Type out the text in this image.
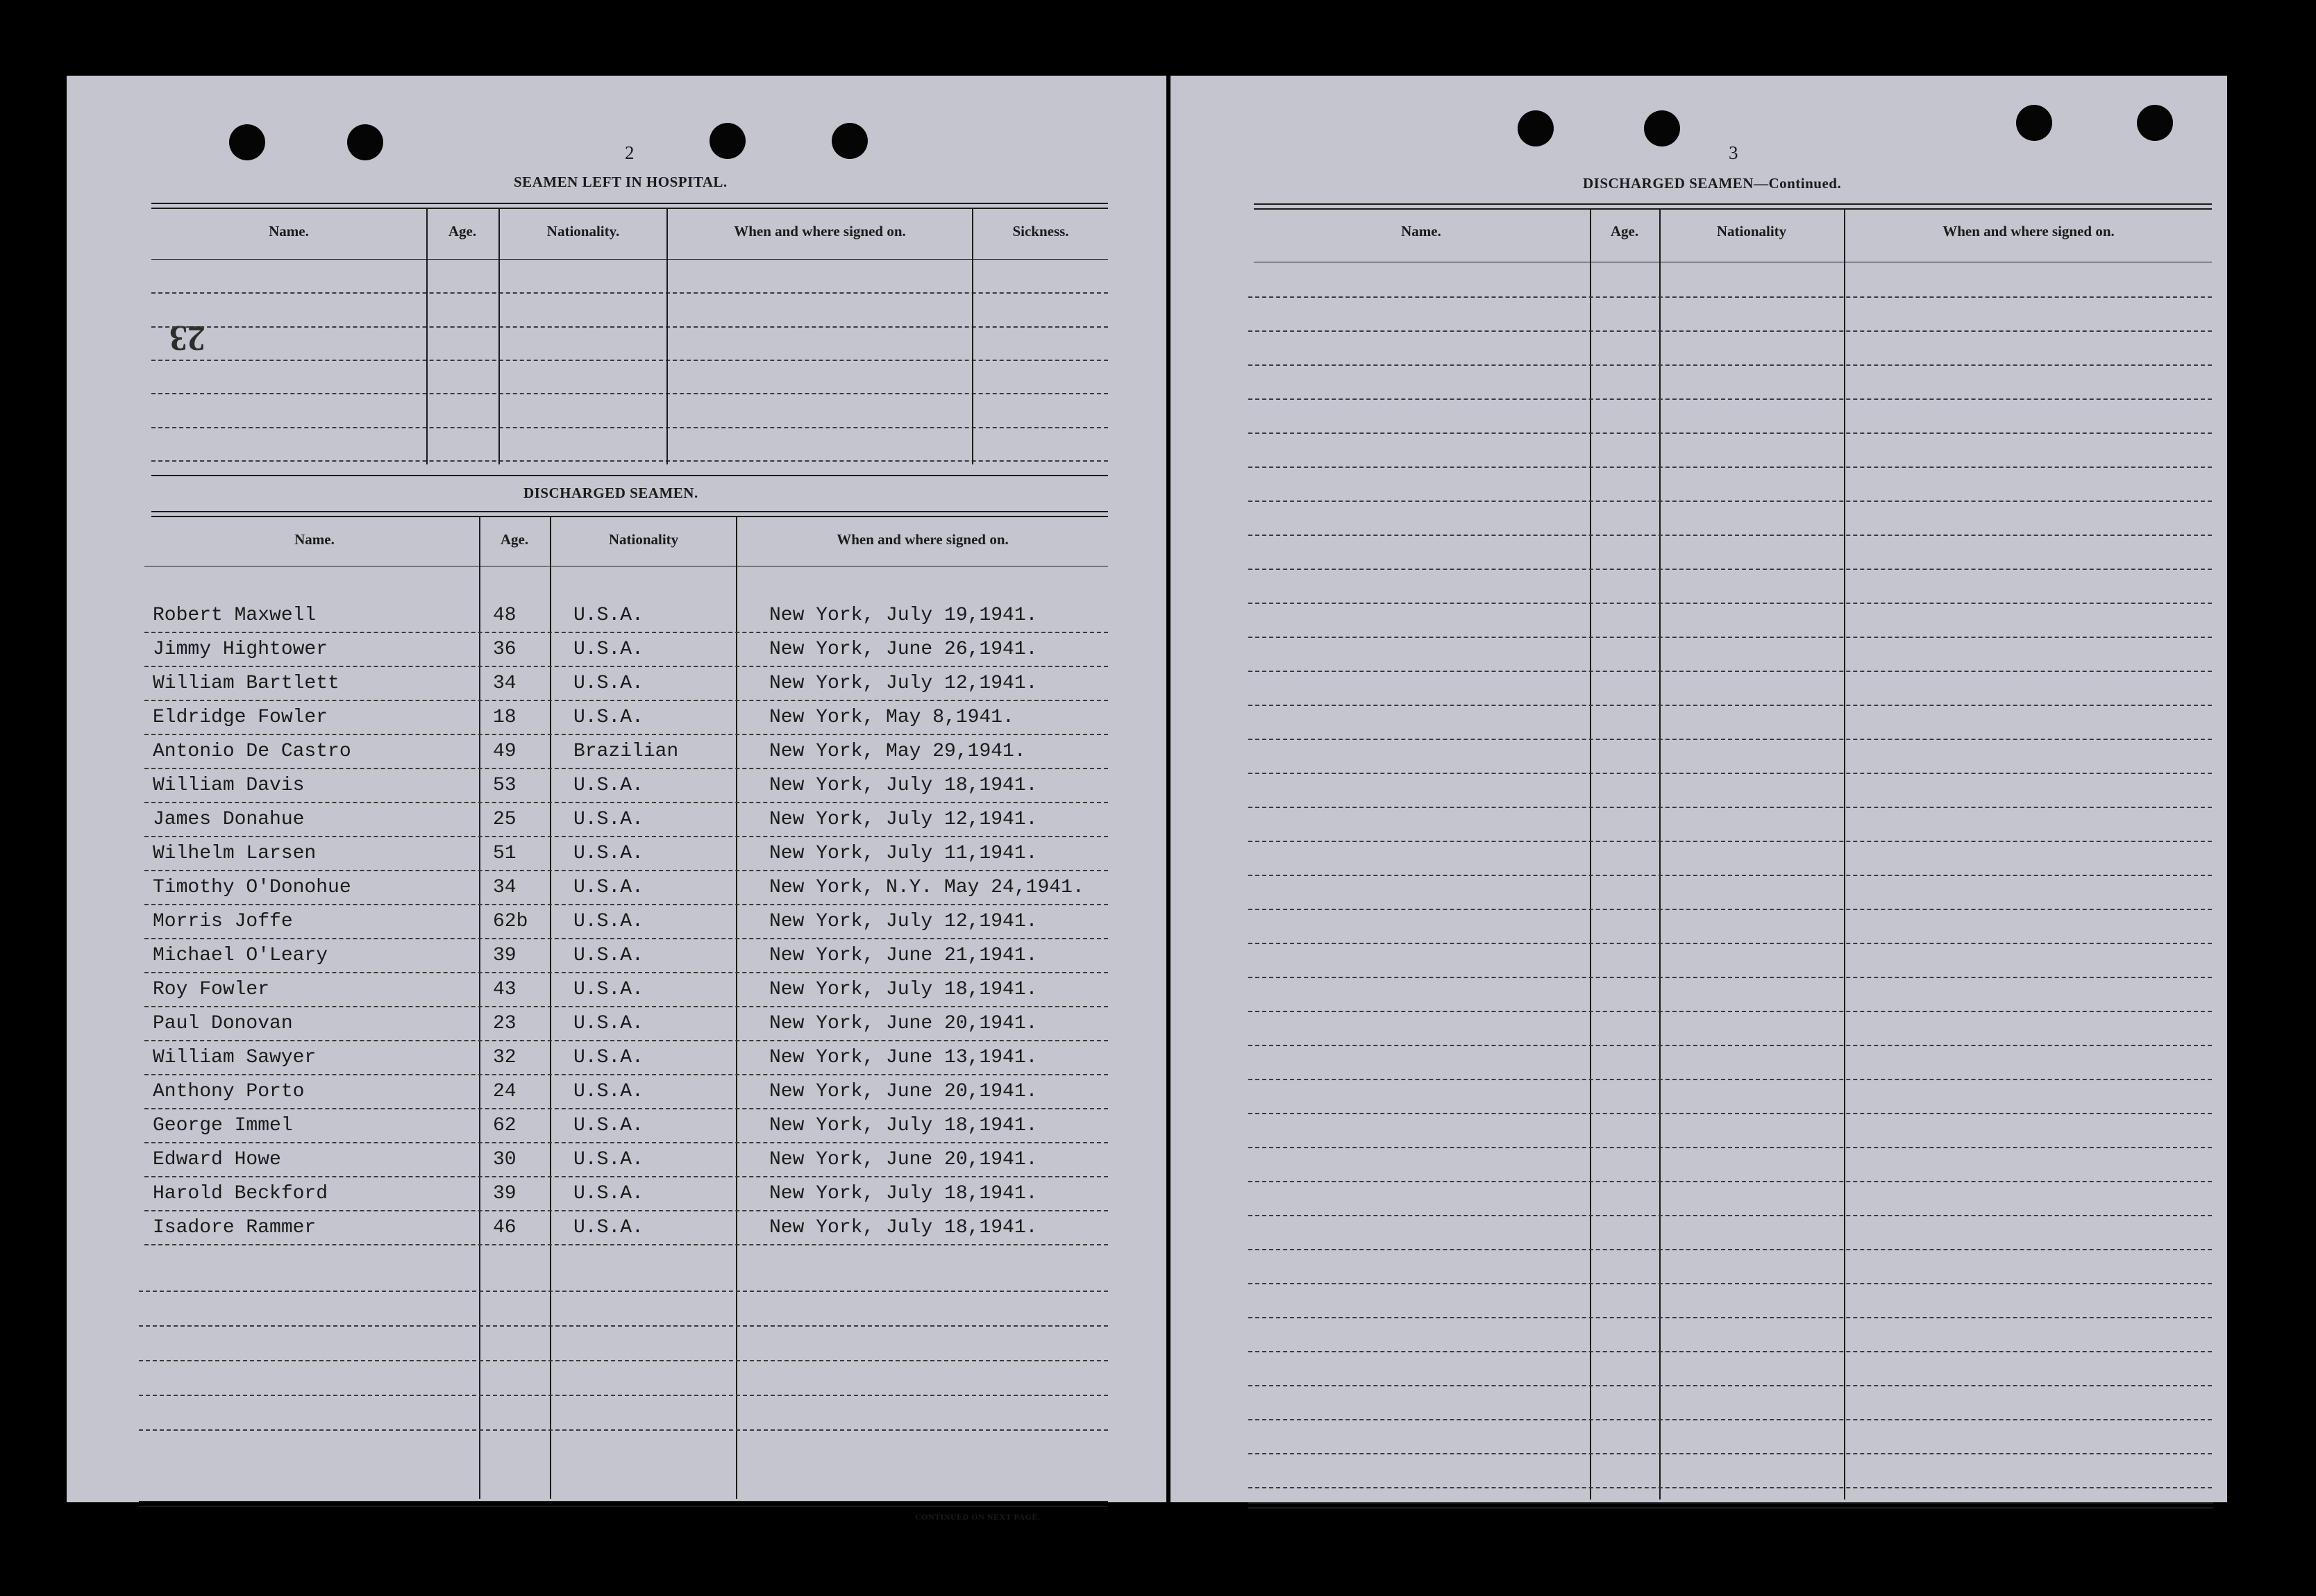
2
SEAMEN LEFT IN HOSPITAL.
23
Name.	Age.	Nationality.	When and where signed on.	Sickness.
DISCHARGED SEAMEN.
Name.	Age.	Nationality	When and where signed on.
Robert Maxwell	48	U.S.A.	New York, July 19,1941.
Jimmy Hightower	36	U.S.A.	New York, June 26,1941.
William Bartlett	34	U.S.A.	New York, July 12,1941.
Eldridge Fowler	18	U.S.A.	New York, May 8,1941.
Antonio De Castro	49	Brazilian	New York, May 29,1941.
William Davis	53	U.S.A.	New York, July 18,1941.
James Donahue	25	U.S.A.	New York, July 12,1941.
Wilhelm Larsen	51	U.S.A.	New York, July 11,1941.
Timothy O'Donohue	34	U.S.A.	New York, N.Y. May 24,1941.
Morris Joffe	62b U.S.A.	New York, July 12,1941.
Michael O'Leary	39	U.S.A.	New York, June 21,1941.
Roy Fowler	43	U.S.A.	New York, July 18,1941.
Paul Donovan	23	U.S.A.	New York, June 20,1941.
William Sawyer	32	U.S.A.	New York, June 13,1941.
Anthony Porto	24	U.S.A.	New York, June 20,1941.
George Immel	62	U.S.A.	New York, July 18,1941.
Edward Howe	30	U.S.A.	New York, June 20,1941.
Harold Beckford	39	U.S.A.	New York, July 18,1941.
Isadore Rammer	46	U.S.A.	New York, July 18,1941.
CONTINUED ON NEXT PAGE.
3
DISCHARGED SEAMEN—Continued.
Name.	Age.	Nationality	When and where signed on.
